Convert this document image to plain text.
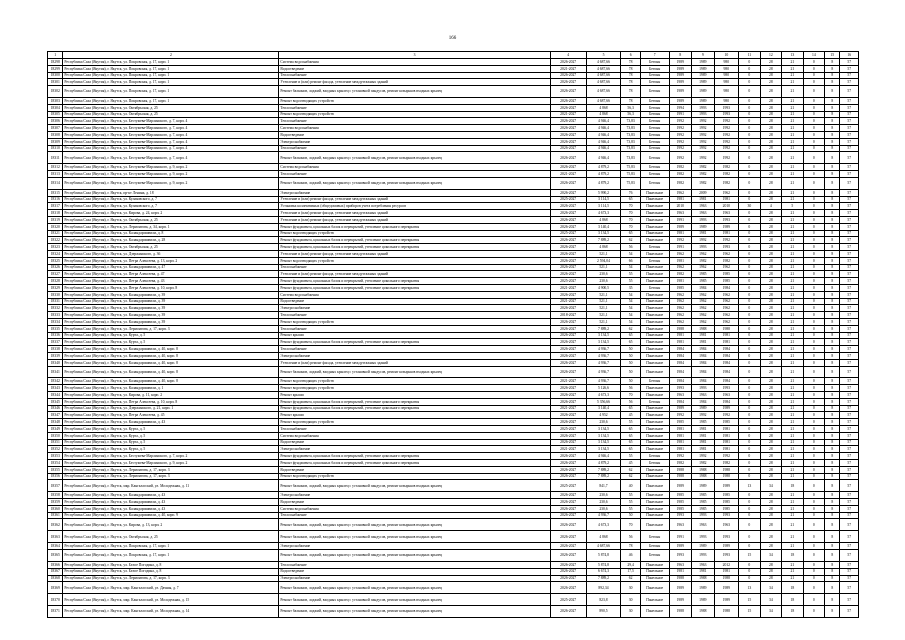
166
1	2	3	4	5	6	7	8	9	10	11	12	13	14	15	16
18298	Республика Саха (Якутия), г. Якутск, ул. Покровская, д. 17, корп. 1	Система водоснабжения	2026-2027	4 687,66	78	Бетонн	1989	1989	980	0	28	21	0	8	57
18299	Республика Саха (Якутия), г. Якутск, ул. Покровская, д. 17, корп. 1	Водоотведение	2021-2027	4 687,66	78	Бетонн	1989	1989	980	0	28	21	0	8	57
18300	Республика Саха (Якутия), г. Якутск, ул. Покровская, д. 17, корп. 1	Теплоснабжение	2026-2027	4 687,66	78	Бетонн	1989	1989	980	0	28	21	0	8	57
18301	Республика Саха (Якутия), г. Якутск, ул. Покровская, д. 17, корп. 1	Утепление и (или) ремонт фасада, утепление междуэтажных зданий	2026-2027	4 687,66	78	Бетонн	1989	1989	980	0	28	21	0	8	57
18302	Республика Саха (Якутия), г. Якутск, ул. Покровская, д. 17, корп. 1	Ремонт балконов, лоджий, входных крылец с установкой пандусов, ремонт козырьков входных крылец	2026-2027	4 687,66	78	Бетонн	1989	1989	980	0	28	21	0	8	57
18303	Республика Саха (Якутия), г. Якутск, ул. Покровская, д. 17, корп. 1	Ремонт водоотводящих устройств	2026-2027	4 687,66	78	Бетонн	1989	1989	980	0	28	21	0	8	57
18304	Республика Саха (Якутия), г. Якутск, ул. Октябрьская, д. 25	Теплоснабжение	2026-2027	4 868	56,3	Бетонн	1994	1993	1993	0	28	21	0	8	57
18305	Республика Саха (Якутия), г. Якутск, ул. Октябрьская, д. 25	Ремонт водоотводящих устройств	2021-2027	4 868	56,3	Бетонн	1991	1993	1993	0	28	21	0	8	57
18306	Республика Саха (Якутия), г. Якутск, ул. Бестужева-Марлинского, д. 7, корп. 4	Теплоснабжение	2026-2027	4 946,4	73,83	Бетонн	1992	1992	1992	0	28	21	0	8	57
18307	Республика Саха (Якутия), г. Якутск, ул. Бестужева-Марлинского, д. 7, корп. 4	Система водоснабжения	2026-2027	4 946,4	73,83	Бетонн	1992	1992	1992	0	28	21	0	8	57
18308	Республика Саха (Якутия), г. Якутск, ул. Бестужева-Марлинского, д. 7, корп. 4	Водоотведение	2026-2027	4 946,4	73,83	Бетонн	1992	1992	1992	0	28	21	0	8	57
18309	Республика Саха (Якутия), г. Якутск, ул. Бестужева-Марлинского, д. 7, корп. 4	Электроснабжение	2026-2027	4 946,4	73,83	Бетонн	1992	1992	1992	0	28	21	0	8	57
18310	Республика Саха (Якутия), г. Якутск, ул. Бестужева-Марлинского, д. 7, корп. 4	Теплоснабжение	2026-2027	4 946,4	73,83	Бетонн	1992	1992	1992	0	28	21	0	8	57
18311	Республика Саха (Якутия), г. Якутск, ул. Бестужева-Марлинского, д. 7, корп. 4	Ремонт балконов, лоджий, входных крылец с установкой пандусов, ремонт козырьков входных крылец	2026-2027	4 946,4	73,83	Бетонн	1992	1992	1992	0	28	21	0	8	57
18312	Республика Саха (Якутия), г. Якутск, ул. Бестужева-Марлинского, д. 9, корп. 2	Система водоснабжения	2026-2027	4 879,2	75,83	Бетонн	1982	1982	1982	0	28	21	0	8	57
18313	Республика Саха (Якутия), г. Якутск, ул. Бестужева-Марлинского, д. 9, корп. 2	Теплоснабжение	2021-2027	4 879,2	75,83	Бетонн	1982	1982	1982	0	28	21	0	8	57
18314	Республика Саха (Якутия), г. Якутск, ул. Бестужева-Марлинского, д. 9, корп. 2	Ремонт балконов, лоджий, входных крылец с установкой пандусов, ремонт козырьков входных крылец	2026-2027	4 879,2	75,83	Бетонн	1982	1982	1982	0	28	21	0	8	57
18315	Республика Саха (Якутия), г. Якутск, пр-кт Ленина, д. 18	Электроснабжение	2026-2027	5 990,2	76	Панельное	1962	2009	1962	0	28	21	0	8	57
18316	Республика Саха (Якутия), г. Якутск, ул. Кулаковского, д. 7	Утепление и (или) ремонт фасада, утепление междуэтажных зданий	2025-2027	3 114,5	65	Панельное	1981	1981	1981	0	28	21	0	8	57
18317	Республика Саха (Якутия), г. Якутск, ул. Кулаковского, д. 7	Установка коллективных (общедомовых) приборов учета потребления ресурсов	2026-2027	3 114,5	70	Панельное	2010	1963	2010	30	4	5	0	8	57
18318	Республика Саха (Якутия), г. Якутск, ул. Кирова, д. 24, корп. 2	Утепление и (или) ремонт фасада, утепление междуэтажных зданий	2026-2027	4 673,3	70	Панельное	1963	1963	1963	0	28	21	0	8	57
18319	Республика Саха (Якутия), г. Якутск, ул. Октябрьская, д. 25	Утепление и (или) ремонт фасада, утепление междуэтажных зданий	2026-2027	4 868	70	Панельное	1991	1993	1993	0	28	21	0	8	57
18320	Республика Саха (Якутия), г. Якутск, ул. Лермонтова, д. 34, корп. 1	Ремонт фундамента, цокольных балок и перекрытий, утепление цокольного перекрытия	2026-2027	3 140,4	70	Панельное	1989	1989	1989	0	28	21	0	8	57
18321	Республика Саха (Якутия), г. Якутск, ул. Каландаришвили, д. 8	Ремонт водоотводящих устройств	2025-2027	3 134,5	65	Панельное	1981	1981	1981	0	28	21	0	8	57
18322	Республика Саха (Якутия), г. Якутск, ул. Каландаришвили, д. 28	Ремонт фундамента, цокольных балок и перекрытий, утепление цокольного перекрытия	2026-2027	7 889,2	62	Панельное	1992	1992	1992	0	28	21	0	8	57
18323	Республика Саха (Якутия), г. Якутск, ул. Октябрьская, д. 25	Ремонт фундамента, цокольных балок и перекрытий, утепление цокольного перекрытия	2026-2027	4 868	56	Бетонн	1991	1993	1993	0	28	21	0	8	57
18324	Республика Саха (Якутия), г. Якутск, ул. Дзержинского, д. 36	Утепление и (или) ремонт фасада, утепление междуэтажных зданий	2026-2027	521,1	54	Панельное	1962	1962	1962	0	28	21	0	8	57
18325	Республика Саха (Якутия), г. Якутск, ул. Петра Алексеева, д. 13, корп. 2	Ремонт водоотводящих устройств	2026-2027	2 594,04	66	Бетонн	1981	1982	1982	0	28	21	0	8	57
18326	Республика Саха (Якутия), г. Якутск, ул. Каландаришвили, д. 47	Теплоснабжение	2026-2027	521,1	54	Панельное	1962	1962	1962	0	28	21	0	8	57
18327	Республика Саха (Якутия), г. Якутск, ул. Петра Алексеева, д. 47	Утепление и (или) ремонт фасада, утепление междуэтажных зданий	2026-2027	230,6	55	Панельное	1982	1985	1985	0	28	21	0	8	57
18328	Республика Саха (Якутия), г. Якутск, ул. Петра Алексеева, д. 43	Ремонт фундамента, цокольных балок и перекрытий, утепление цокольного перекрытия	2025-2027	230,6	55	Панельное	1981	1985	1985	0	28	21	0	8	57
18329	Республика Саха (Якутия), г. Якутск, ул. Петра Алексеева, д. 10, корп. 8	Ремонт фундамента, цокольных балок и перекрытий, утепление цокольного перекрытия	2021-2027	4 900,5	35	Бетонн	1985	1984	1984	0	28	21	0	8	57
18330	Республика Саха (Якутия), г. Якутск, ул. Каландаришвили, д. 39	Система водоснабжения	2026-2027	521,1	54	Панельное	1962	1962	1962	0	28	21	0	8	57
18331	Республика Саха (Якутия), г. Якутск, ул. Каландаришвили, д. 39	Водоотведение	2021-2027	521,1	54	Панельное	1962	1962	1962	0	28	21	0	8	57
18332	Республика Саха (Якутия), г. Якутск, ул. Каландаришвили, д. 39	Электроснабжение	2026-2027	521,1	54	Панельное	1962	1962	1962	0	28	21	0	8	57
18333	Республика Саха (Якутия), г. Якутск, ул. Каландаришвили, д. 39	Теплоснабжение	2018-2027	521,1	54	Панельное	1962	1962	1962	0	28	21	0	8	57
18334	Республика Саха (Якутия), г. Якутск, ул. Каландаришвили, д. 39	Ремонт водоотводящих устройств	2026-2027	521,1	54	Панельное	1962	1962	1962	0	28	21	0	8	57
18335	Республика Саха (Якутия), г. Якутск, ул. Лермонтова, д. 17, корп. 3	Теплоснабжение	2026-2027	7 889,2	62	Панельное	1988	1988	1988	0	28	21	0	8	57
18336	Республика Саха (Якутия), г. Якутск, ул. Курта, д. 5	Ремонт крыши	2026-2027	3 134,5	65	Панельное	1981	1981	1981	0	28	21	0	8	57
18337	Республика Саха (Якутия), г. Якутск, ул. Курта, д. 5	Ремонт фундамента, цокольных балок и перекрытий, утепление цокольного перекрытия	2026-2027	3 134,5	65	Панельное	1981	1981	1981	0	28	21	0	8	57
18338	Республика Саха (Якутия), г. Якутск, ул. Каландаришвили, д. 40, корп. 8	Теплоснабжение	2026-2027	4 936,7	50	Панельное	1984	1984	1984	0	28	21	0	8	57
18339	Республика Саха (Якутия), г. Якутск, ул. Каландаришвили, д. 40, корп. 8	Электроснабжение	2026-2027	4 936,7	50	Панельное	1984	1984	1984	0	28	21	0	8	57
18340	Республика Саха (Якутия), г. Якутск, ул. Каландаришвили, д. 40, корп. 8	Утепление и (или) ремонт фасада, утепление междуэтажных зданий	2026-2027	4 936,7	50	Панельное	1984	1984	1984	0	28	21	0	8	57
18341	Республика Саха (Якутия), г. Якутск, ул. Каландаришвили, д. 40, корп. 8	Ремонт балконов, лоджий, входных крылец с установкой пандусов, ремонт козырьков входных крылец	2026-2027	4 936,7	50	Панельное	1984	1984	1984	0	28	21	0	8	57
18342	Республика Саха (Якутия), г. Якутск, ул. Каландаришвили, д. 40, корп. 8	Ремонт водоотводящих устройств	2021-2027	4 936,7	50	Бетонн	1984	1984	1984	0	28	21	0	8	57
18343	Республика Саха (Якутия), г. Якутск, ул. Каландаришвили, д. 1	Ремонт водоотводящих устройств	2026-2027	5 126,6	56	Панельное	1993	1993	1993	0	28	21	0	8	57
18344	Республика Саха (Якутия), г. Якутск, ул. Кирова, д. 11, корп. 2	Ремонт крыши	2026-2027	4 673,3	70	Панельное	1963	1963	1963	0	28	21	0	8	57
18345	Республика Саха (Якутия), г. Якутск, ул. Петра Алексеева, д. 10, корп. 8	Ремонт фундамента, цокольных балок и перекрытий, утепление цокольного перекрытия	2026-2027	5 356,66	56	Бетонн	1984	1984	1984	0	28	21	0	8	57
18346	Республика Саха (Якутия), г. Якутск, ул. Дзержинского, д. 21, корп. 1	Ремонт фундамента, цокольных балок и перекрытий, утепление цокольного перекрытия	2021-2027	3 140,4	65	Панельное	1989	1989	1989	0	28	21	0	8	57
18347	Республика Саха (Якутия), г. Якутск, ул. Петра Алексеева, д. 45	Ремонт крыши	2026-2027	4 952	45	Панельное	1992	1992	1992	0	28	21	0	8	57
18348	Республика Саха (Якутия), г. Якутск, ул. Каландаришвили, д. 43	Ремонт водоотводящих устройств	2026-2027	230,6	55	Панельное	1985	1985	1985	0	28	21	0	8	57
18349	Республика Саха (Якутия), г. Якутск, ул. Курта, д. 5	Теплоснабжение	2025-2027	3 134,5	65	Панельное	1981	1981	1981	0	28	21	0	8	57
18350	Республика Саха (Якутия), г. Якутск, ул. Курта, д. 5	Система водоснабжения	2026-2027	3 134,5	65	Панельное	1981	1981	1981	0	28	21	0	8	57
18351	Республика Саха (Якутия), г. Якутск, ул. Курта, д. 5	Водоотведение	2026-2027	3 134,5	65	Панельное	1981	1981	1981	0	28	21	0	8	57
18352	Республика Саха (Якутия), г. Якутск, ул. Курта, д. 5	Электроснабжение	2021-2027	3 134,5	65	Панельное	1981	1981	1981	0	28	21	0	8	57
18353	Республика Саха (Якутия), г. Якутск, ул. Бестужева-Марлинского, д. 7, корп. 2	Ремонт фундамента, цокольных балок и перекрытий, утепление цокольного перекрытия	2026-2027	4 946,4	55	Бетонн	1992	1992	1992	0	28	21	0	8	57
18354	Республика Саха (Якутия), г. Якутск, ул. Бестужева-Марлинского, д. 9, корп. 2	Ремонт фундамента, цокольных балок и перекрытий, утепление цокольного перекрытия	2026-2027	4 879,2	45	Бетонн	1982	1982	1982	0	28	21	0	8	57
18355	Республика Саха (Якутия), г. Якутск, ул. Лермонтова, д. 17, корп. 3	Водоотведение	2026-2027	7 889,2	62	Панельное	1988	1988	1988	0	28	21	0	8	57
18356	Республика Саха (Якутия), г. Якутск, ул. Лермонтова, д. 17, корп. 3	Ремонт водоотводящих устройств	2026-2027	7 889,2	62	Панельное	1988	1988	1988	0	28	21	0	8	57
18357	Республика Саха (Якутия), г. Якутск, мкр. Кангаласский, ул. Молодежная, д. 11	Ремонт балконов, лоджий, входных крылец с установкой пандусов, ремонт козырьков входных крылец	2025-2027	841,7	40	Панельное	1989	1989	1989	13	34	18	0	8	57
18358	Республика Саха (Якутия), г. Якутск, ул. Каландаришвили, д. 43	Электроснабжение	2026-2027	230,6	55	Панельное	1985	1985	1985	0	28	21	0	8	57
18359	Республика Саха (Якутия), г. Якутск, ул. Каландаришвили, д. 43	Водоотведение	2026-2027	230,6	55	Панельное	1985	1985	1985	0	28	21	0	8	57
18360	Республика Саха (Якутия), г. Якутск, ул. Каландаришвили, д. 43	Система водоснабжения	2026-2027	230,6	55	Панельное	1985	1985	1985	0	28	21	0	8	57
18361	Республика Саха (Якутия), г. Якутск, ул. Каландаришвили, д. 40, корп. 9	Теплоснабжение	2026-2027	4 936,7	50	Панельное	1993	1993	1993	0	28	21	0	8	57
18362	Республика Саха (Якутия), г. Якутск, ул. Кирова, д. 13, корп. 2	Ремонт балконов, лоджий, входных крылец с установкой пандусов, ремонт козырьков входных крылец	2026-2027	4 673,3	70	Панельное	1963	1963	1963	0	28	21	0	8	57
18363	Республика Саха (Якутия), г. Якутск, ул. Октябрьская, д. 25	Ремонт балконов, лоджий, входных крылец с установкой пандусов, ремонт козырьков входных крылец	2026-2027	4 868	56	Бетонн	1991	1993	1993	0	28	21	0	8	57
18364	Республика Саха (Якутия), г. Якутск, ул. Покровская, д. 17, корп. 1	Электроснабжение	2026-2027	4 687,66	78	Бетонн	1989	1989	1989	0	28	21	0	8	57
18365	Республика Саха (Якутия), г. Якутск, ул. Покровская, д. 17, корп. 1	Ремонт балконов, лоджий, входных крылец с установкой пандусов, ремонт козырьков входных крылец	2026-2027	5 874,8	46	Бетонн	1993	1993	1993	15	34	18	0	8	57
18366	Республика Саха (Якутия), г. Якутск, ул. Белое Погодина, д. 8	Теплоснабжение	2026-2027	5 874,8	29,4	Панельное	1963	1963	2012	0	28	21	0	8	57
18367	Республика Саха (Якутия), г. Якутск, ул. Белое Погодина, д. 8	Водоотведение	2026-2027	6 674,3	17,5	Панельное	1981	1981	1981	0	28	21	0	8	57
18368	Республика Саха (Якутия), г. Якутск, ул. Лермонтова, д. 17, корп. 3	Электроснабжение	2026-2027	7 889,2	62	Панельное	1988	1988	1988	0	28	21	0	8	57
18369	Республика Саха (Якутия), г. Якутск, мкр. Кангаласский, ул. Дачная, д. 7	Ремонт балконов, лоджий, входных крылец с установкой пандусов, ремонт козырьков входных крылец	2026-2027	892,34	30	Панельное	1989	1989	1989	13	34	18	0	8	57
18370	Республика Саха (Якутия), г. Якутск, мкр. Кангаласский, ул. Молодежная, д. 15	Ремонт балконов, лоджий, входных крылец с установкой пандусов, ремонт козырьков входных крылец	2025-2027	823,8	30	Панельное	1989	1989	1989	15	34	18	0	8	57
18371	Республика Саха (Якутия), г. Якутск, мкр. Кангаласский, ул. Молодежная, д. 14	Ремонт балконов, лоджий, входных крылец с установкой пандусов, ремонт козырьков входных крылец	2026-2027	890,5	30	Панельное	1988	1988	1988	15	34	18	0	8	57
